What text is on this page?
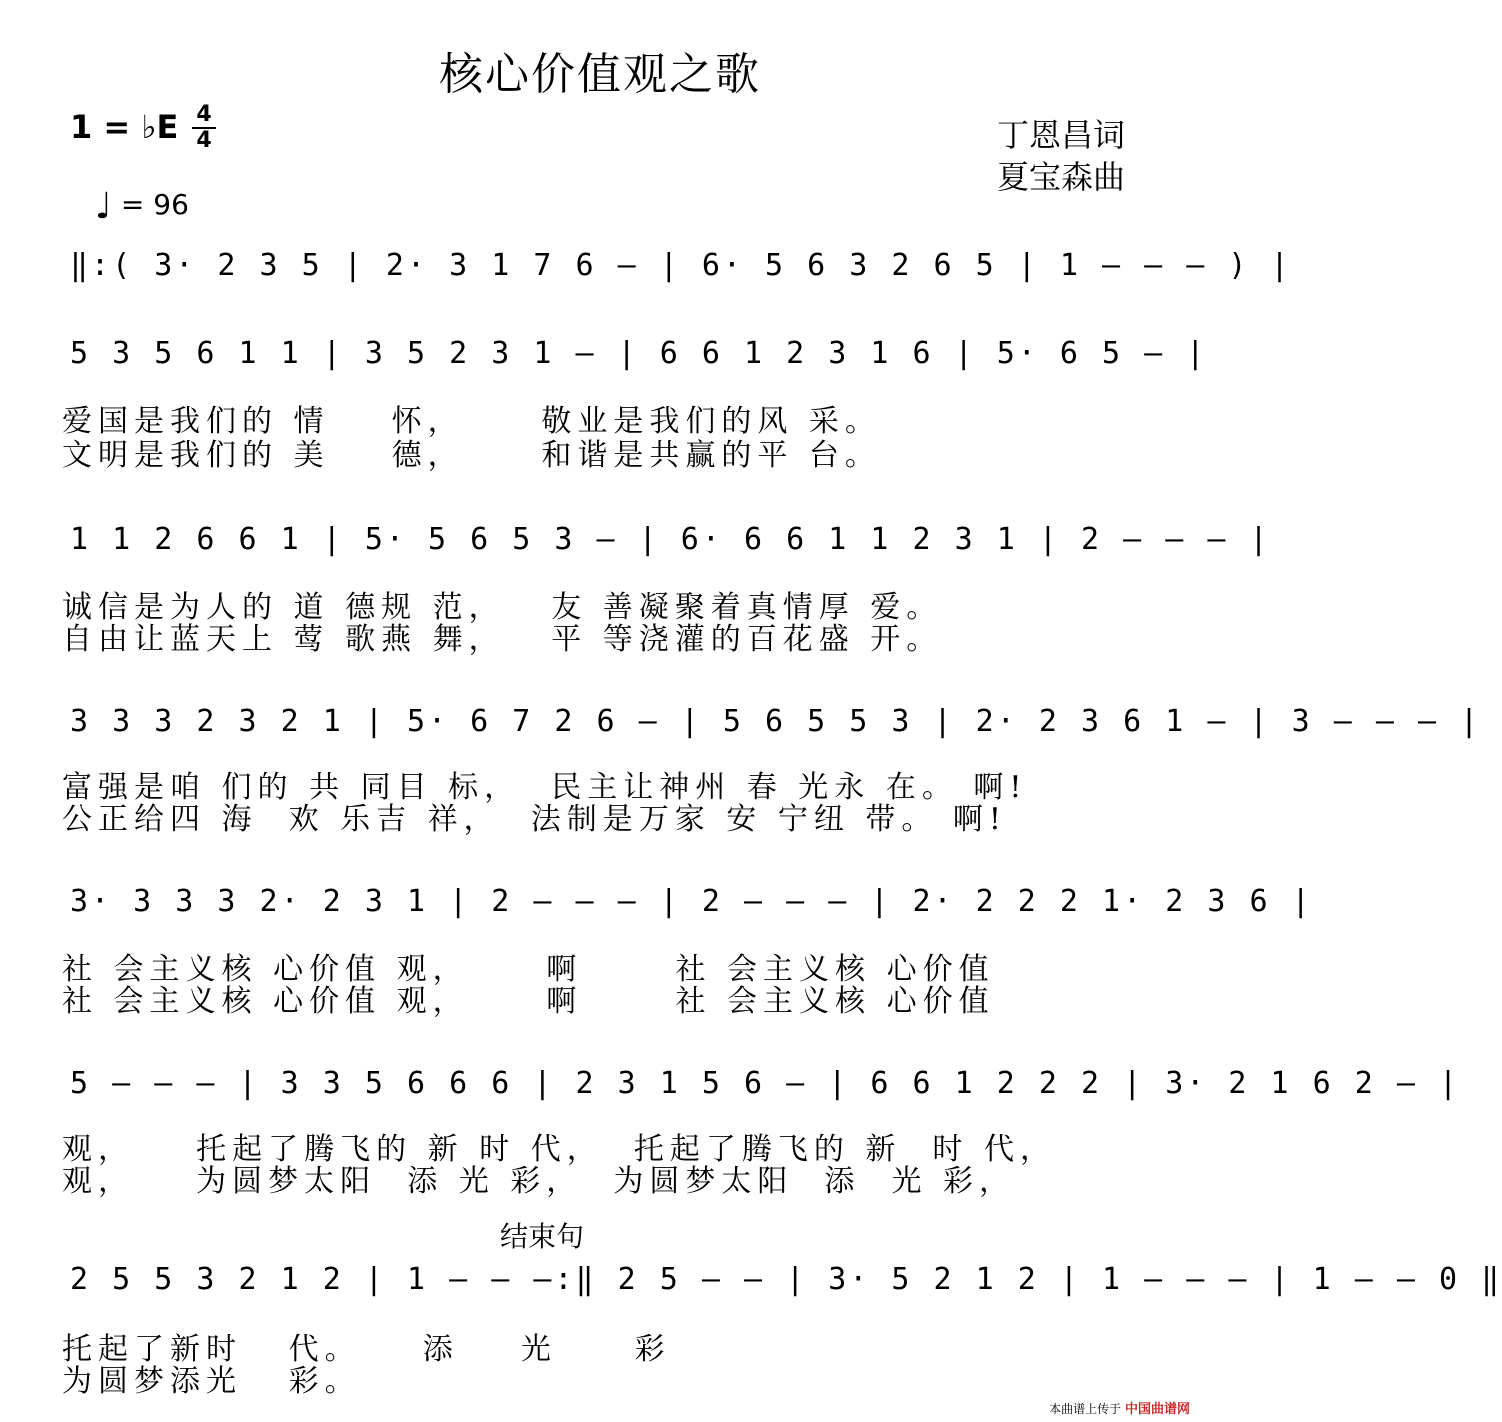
核心价值观之歌
1 = ♭E 4
4	丁恩昌词
夏宝森曲
♩ = 96
‖:( 3· 2 3 5 | 2· 3 1 7 6 – | 6· 5 6 3 2 6 5 | 1 – – – ) |
5 3 5 6 1 1 | 3 5 2 3 1 – | 6 6 1 2 3 1 6 | 5· 6 5 – |
1 1 2 6 6 1 | 5· 5 6 5 3 – | 6· 6 6 1 1 2 3 1 | 2 – – – |
3 3 3 2 3 2 1 | 5· 6 7 2 6 – | 5 6 5 5 3 | 2· 2 3 6 1 – | 3 – – – |
3· 3 3 3 2· 2 3 1 | 2 – – – | 2 – – – | 2· 2 2 2 1· 2 3 6 |
5 – – – | 3 3 5 6 6 6 | 2 3 1 5 6 – | 6 6 1 2 2 2 | 3· 2 1 6 2 – |
2 5 5 3 2 1 2 | 1 – – –:‖ 2 5 – – | 3· 5 2 1 2 | 1 – – – | 1 – – 0 ‖
爱国是我们的 情    怀，     敬业是我们的风 采。
文明是我们的 美    德，     和谐是共赢的平 台。
诚信是为人的 道 德规 范，   友 善凝聚着真情厚 爱。
自由让蓝天上 莺 歌燕 舞，   平 等浇灌的百花盛 开。
富强是咱 们的 共 同目 标，  民主让神州 春 光永 在。 啊!
公正给四 海  欢 乐吉 祥，  法制是万家 安 宁纽 带。 啊!
社 会主义核 心价值 观，     啊      社 会主义核 心价值
社 会主义核 心价值 观，     啊      社 会主义核 心价值
观，    托起了腾飞的 新 时 代，  托起了腾飞的 新  时 代，
观，    为圆梦太阳  添 光 彩，  为圆梦太阳  添  光 彩，
结束句
托起了新时   代。    添    光     彩
为圆梦添光   彩。
本曲谱上传于 中国曲谱网
